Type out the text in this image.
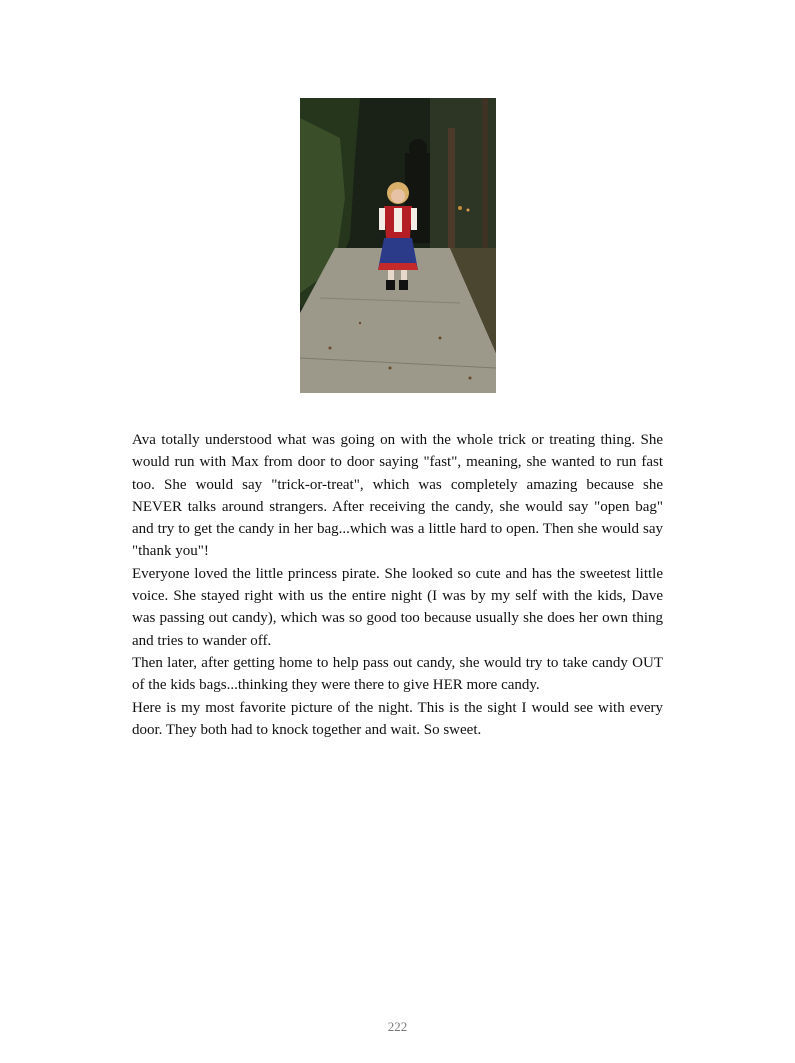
Ava totally understood what was going on with the whole trick or treating thing. She would run with Max from door to door saying "fast", meaning, she wanted to run fast too. She would say "trick-or-treat", which was completely amazing because she NEVER talks around strangers. After receiving the candy, she would say "open bag" and try to get the candy in her bag...which was a little hard to open. Then she would say "thank you"!

Everyone loved the little princess pirate. She looked so cute and has the sweetest little voice. She stayed right with us the entire night (I was by my self with the kids, Dave was passing out candy), which was so good too because usually she does her own thing and tries to wander off.

Then later, after getting home to help pass out candy, she would try to take candy OUT of the kids bags...thinking they were there to give HER more candy.

Here is my most favorite picture of the night. This is the sight I would see with every door. They both had to knock together and wait. So sweet.

222
